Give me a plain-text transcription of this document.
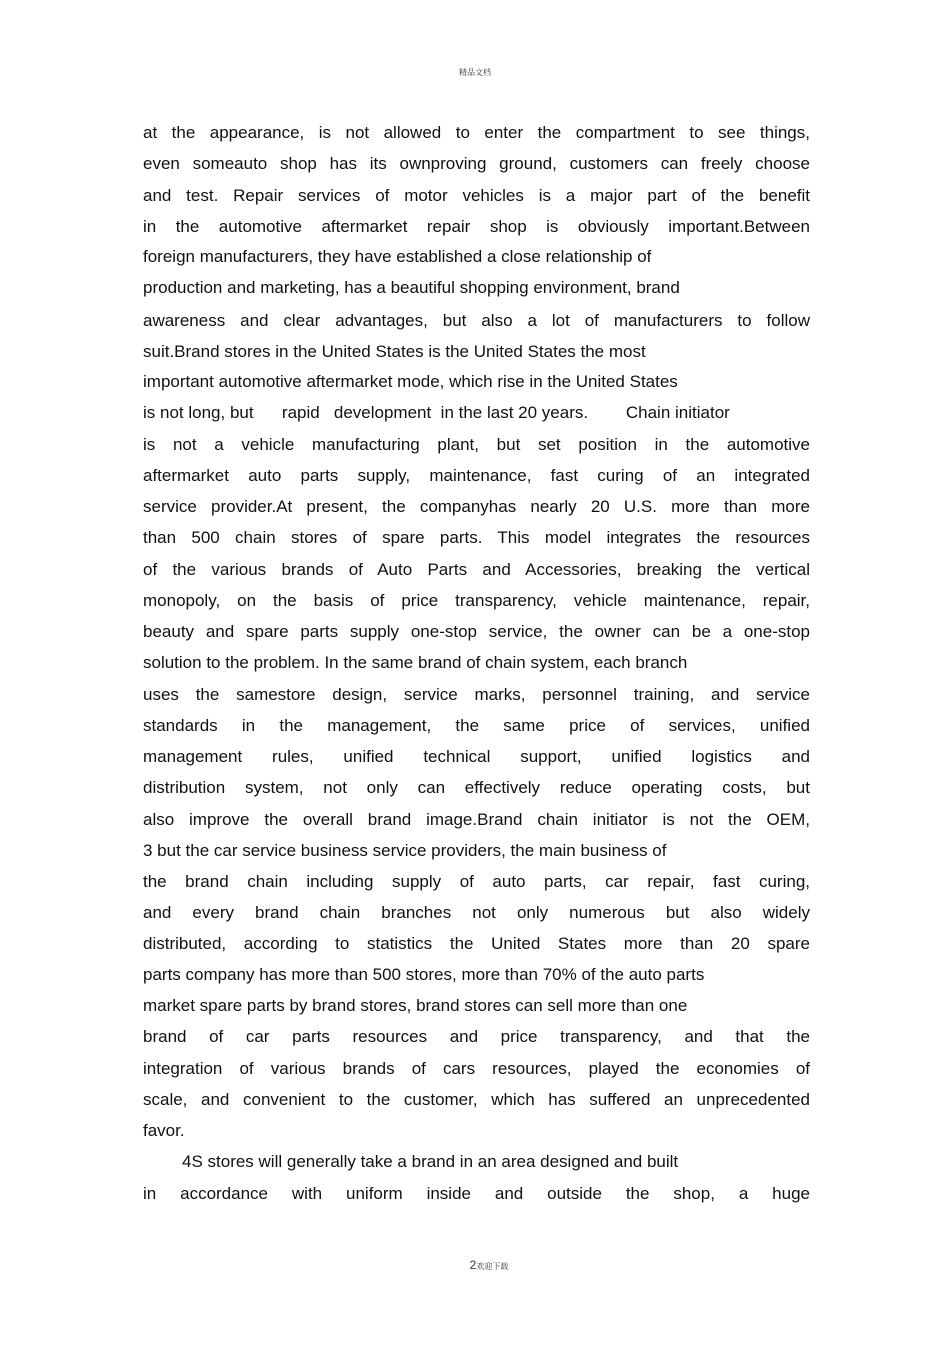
精品文档
at the appearance, is not allowed to enter the compartment to see things,
even someauto shop has its ownproving ground, customers can freely choose
and test. Repair services of motor vehicles is a major part of the benefit
in the automotive aftermarket repair shop is obviously important.Between
foreign manufacturers, they have established a close relationship of
production and marketing, has a beautiful shopping environment, brand
awareness and clear advantages, but also a lot of manufacturers to follow
suit.Brand stores in the United States is the United States the most
important automotive aftermarket mode, which rise in the United States
is not long, but      rapid   development  in the last 20 years.        Chain initiator
is not a vehicle manufacturing plant, but set position in the automotive
aftermarket auto parts supply, maintenance, fast curing of an integrated
service provider.At present, the companyhas nearly 20 U.S. more than more
than 500 chain stores of spare parts. This model integrates the resources
of the various brands of Auto Parts and Accessories, breaking the vertical
monopoly, on the basis of price transparency, vehicle maintenance, repair,
beauty and spare parts supply one-stop service, the owner can be a one-stop
solution to the problem. In the same brand of chain system, each branch
uses the samestore design, service marks, personnel training, and service
standards in the management, the same price of services, unified
management rules, unified technical support, unified logistics and
distribution system, not only can effectively reduce operating costs, but
also improve the overall brand image.Brand chain initiator is not the OEM,
3 but the car service business service providers, the main business of
the brand chain including supply of auto parts, car repair, fast curing,
and every brand chain branches not only numerous but also widely
distributed, according to statistics the United States more than 20 spare
parts company has more than 500 stores, more than 70% of the auto parts
market spare parts by brand stores, brand stores can sell more than one
brand of car parts resources and price transparency, and that the
integration of various brands of cars resources, played the economies of
scale, and convenient to the customer, which has suffered an unprecedented
favor.
4S stores will generally take a brand in an area designed and built
in accordance with uniform inside and outside the shop, a huge
2欢迎下载
